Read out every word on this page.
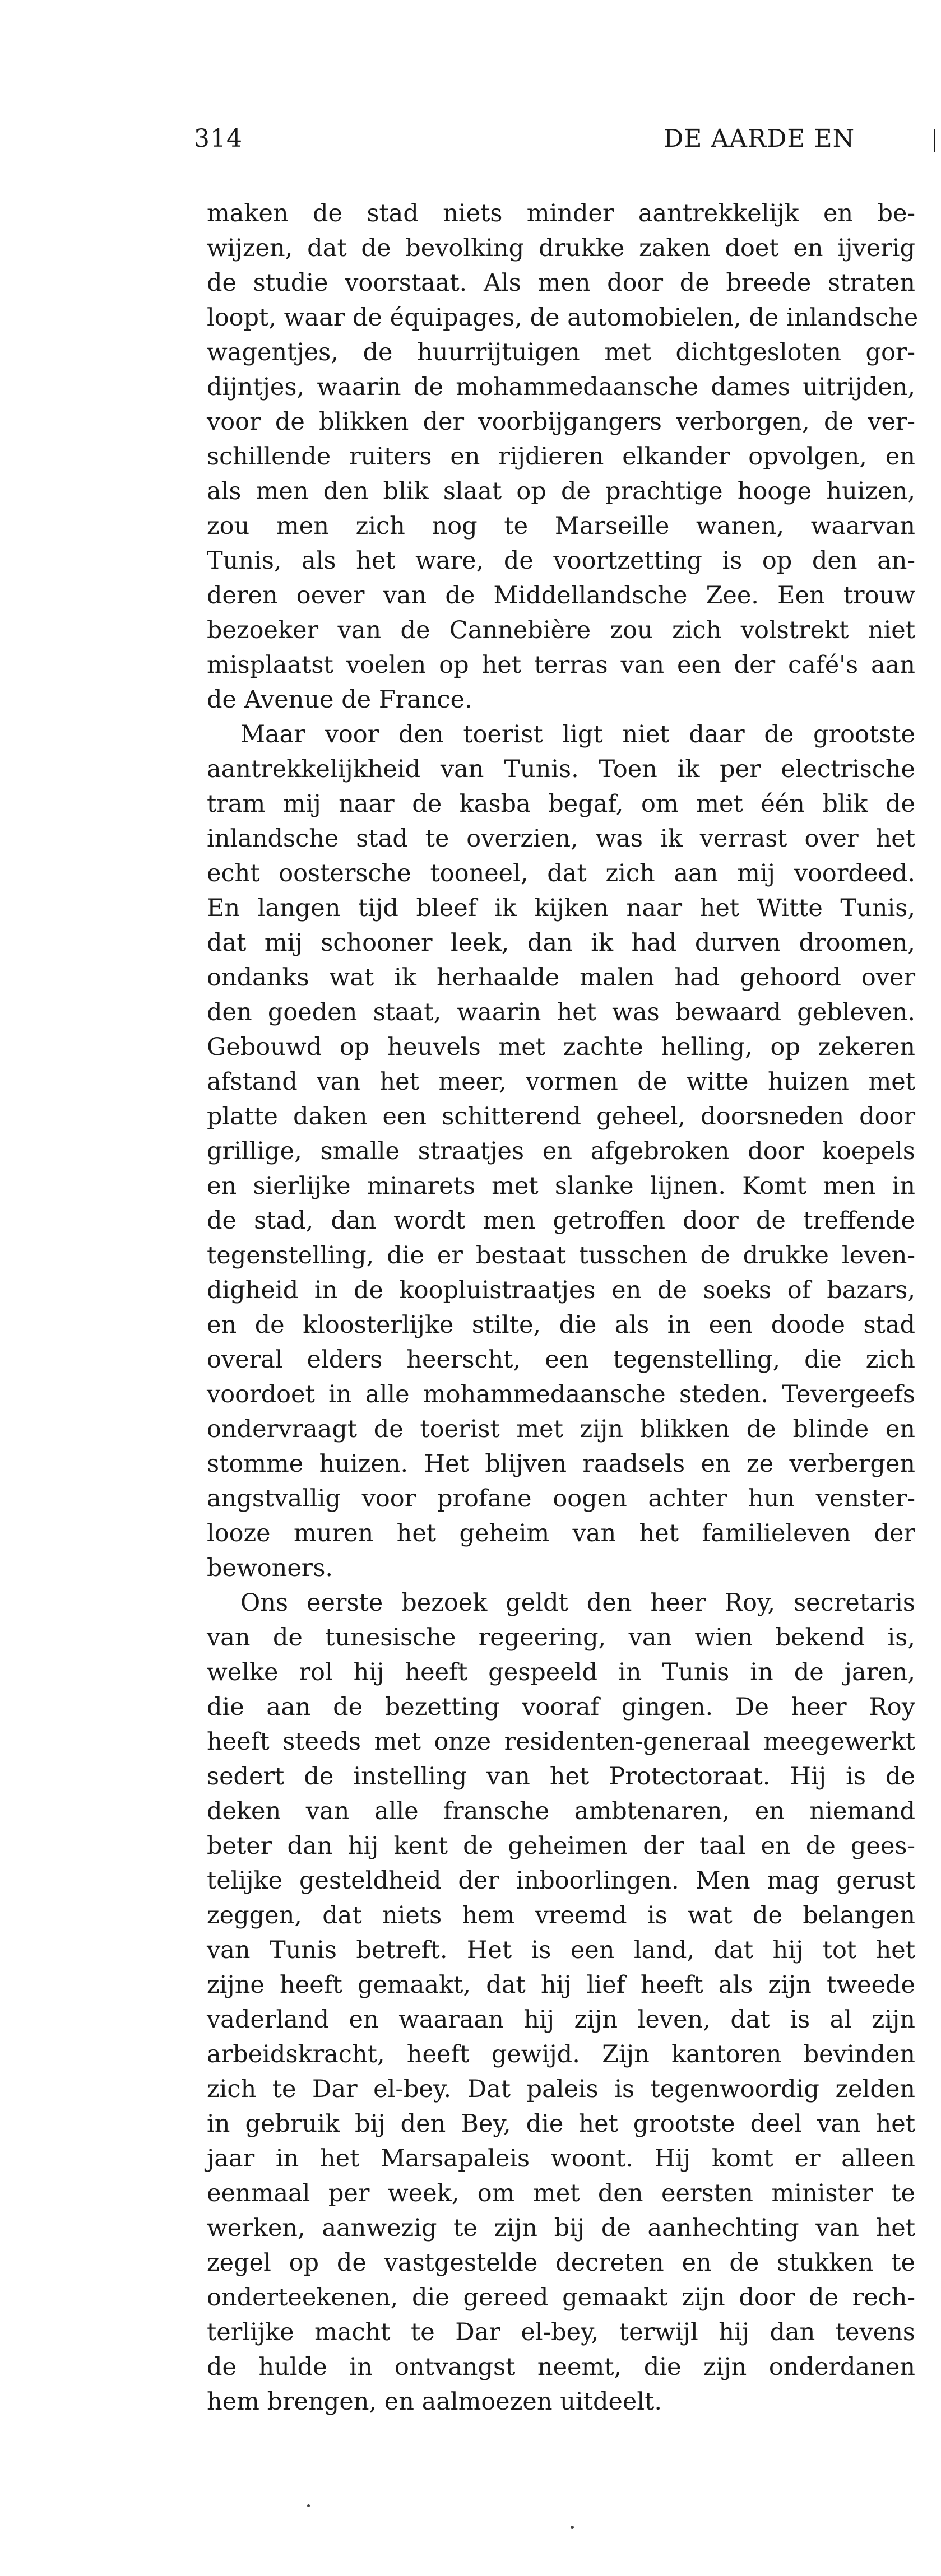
314	DE AARDE EN
maken de stad niets minder aantrekkelijk en be-
wijzen, dat de bevolking drukke zaken doet en ijverig
de studie voorstaat. Als men door de breede straten
loopt, waar de équipages, de automobielen, de inlandsche
wagentjes, de huurrijtuigen met dichtgesloten gor-
dijntjes, waarin de mohammedaansche dames uitrijden,
voor de blikken der voorbijgangers verborgen, de ver-
schillende ruiters en rijdieren elkander opvolgen, en
als men den blik slaat op de prachtige hooge huizen,
zou men zich nog te Marseille wanen, waarvan
Tunis, als het ware, de voortzetting is op den an-
deren oever van de Middellandsche Zee. Een trouw
bezoeker van de Cannebière zou zich volstrekt niet
misplaatst voelen op het terras van een der café's aan
de Avenue de France.
Maar voor den toerist ligt niet daar de grootste
aantrekkelijkheid van Tunis. Toen ik per electrische
tram mij naar de kasba begaf, om met één blik de
inlandsche stad te overzien, was ik verrast over het
echt oostersche tooneel, dat zich aan mij voordeed.
En langen tijd bleef ik kijken naar het Witte Tunis,
dat mij schooner leek, dan ik had durven droomen,
ondanks wat ik herhaalde malen had gehoord over
den goeden staat, waarin het was bewaard gebleven.
Gebouwd op heuvels met zachte helling, op zekeren
afstand van het meer, vormen de witte huizen met
platte daken een schitterend geheel, doorsneden door
grillige, smalle straatjes en afgebroken door koepels
en sierlijke minarets met slanke lijnen. Komt men in
de stad, dan wordt men getroffen door de treffende
tegenstelling, die er bestaat tusschen de drukke leven-
digheid in de koopluistraatjes en de soeks of bazars,
en de kloosterlijke stilte, die als in een doode stad
overal elders heerscht, een tegenstelling, die zich
voordoet in alle mohammedaansche steden. Tevergeefs
ondervraagt de toerist met zijn blikken de blinde en
stomme huizen. Het blijven raadsels en ze verbergen
angstvallig voor profane oogen achter hun venster-
looze muren het geheim van het familieleven der
bewoners.
Ons eerste bezoek geldt den heer Roy, secretaris
van de tunesische regeering, van wien bekend is,
welke rol hij heeft gespeeld in Tunis in de jaren,
die aan de bezetting vooraf gingen. De heer Roy
heeft steeds met onze residenten-generaal meegewerkt
sedert de instelling van het Protectoraat. Hij is de
deken van alle fransche ambtenaren, en niemand
beter dan hij kent de geheimen der taal en de gees-
telijke gesteldheid der inboorlingen. Men mag gerust
zeggen, dat niets hem vreemd is wat de belangen
van Tunis betreft. Het is een land, dat hij tot het
zijne heeft gemaakt, dat hij lief heeft als zijn tweede
vaderland en waaraan hij zijn leven, dat is al zijn
arbeidskracht, heeft gewijd. Zijn kantoren bevinden
zich te Dar el-bey. Dat paleis is tegenwoordig zelden
in gebruik bij den Bey, die het grootste deel van het
jaar in het Marsapaleis woont. Hij komt er alleen
eenmaal per week, om met den eersten minister te
werken, aanwezig te zijn bij de aanhechting van het
zegel op de vastgestelde decreten en de stukken te
onderteekenen, die gereed gemaakt zijn door de rech-
terlijke macht te Dar el-bey, terwijl hij dan tevens
de hulde in ontvangst neemt, die zijn onderdanen
hem brengen, en aalmoezen uitdeelt.
